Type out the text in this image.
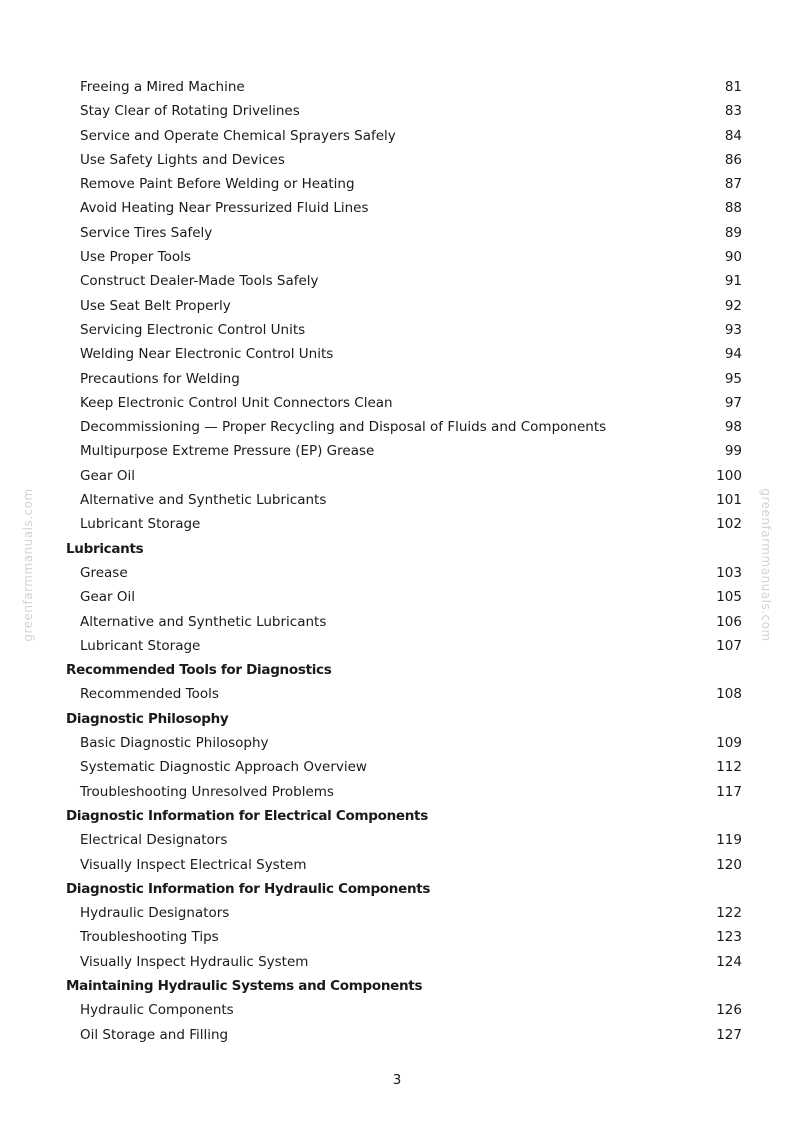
greenfarmmanuals.com	greenfarmmanuals.com
Freeing a Mired Machine	81
Stay Clear of Rotating Drivelines	83
Service and Operate Chemical Sprayers Safely	84
Use Safety Lights and Devices	86
Remove Paint Before Welding or Heating	87
Avoid Heating Near Pressurized Fluid Lines	88
Service Tires Safely	89
Use Proper Tools	90
Construct Dealer-Made Tools Safely	91
Use Seat Belt Properly	92
Servicing Electronic Control Units	93
Welding Near Electronic Control Units	94
Precautions for Welding	95
Keep Electronic Control Unit Connectors Clean	97
Decommissioning — Proper Recycling and Disposal of Fluids and Components	98
Multipurpose Extreme Pressure (EP) Grease	99
Gear Oil	100
Alternative and Synthetic Lubricants	101
Lubricant Storage	102
Lubricants
Grease	103
Gear Oil	105
Alternative and Synthetic Lubricants	106
Lubricant Storage	107
Recommended Tools for Diagnostics
Recommended Tools	108
Diagnostic Philosophy
Basic Diagnostic Philosophy	109
Systematic Diagnostic Approach Overview	112
Troubleshooting Unresolved Problems	117
Diagnostic Information for Electrical Components
Electrical Designators	119
Visually Inspect Electrical System	120
Diagnostic Information for Hydraulic Components
Hydraulic Designators	122
Troubleshooting Tips	123
Visually Inspect Hydraulic System	124
Maintaining Hydraulic Systems and Components
Hydraulic Components	126
Oil Storage and Filling	127
3
